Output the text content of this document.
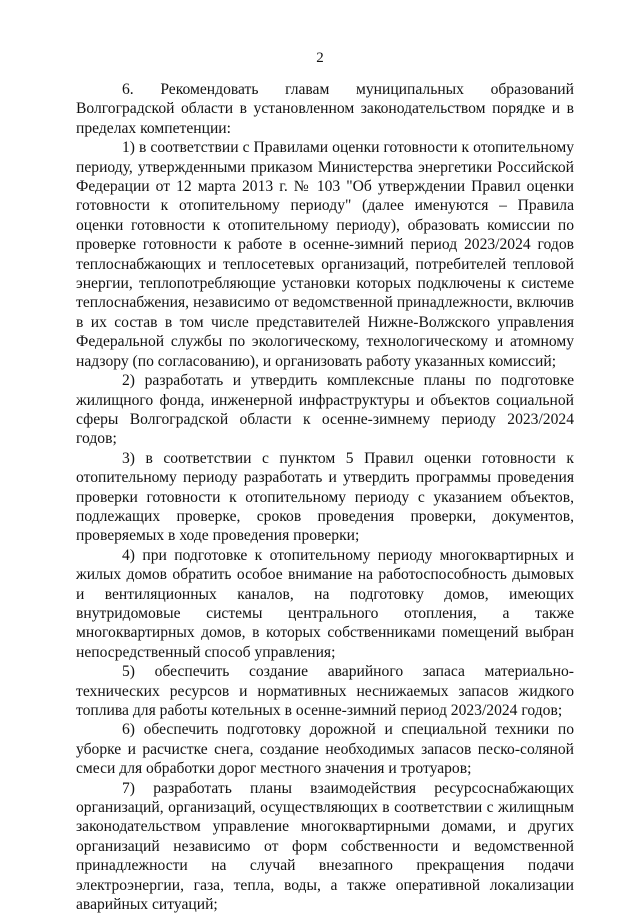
2

6. Рекомендовать главам муниципальных образований Волгоградской области в установленном законодательством порядке и в пределах компетенции:

1) в соответствии с Правилами оценки готовности к отопительному периоду, утвержденными приказом Министерства энергетики Российской Федерации от 12 марта 2013 г. № 103 "Об утверждении Правил оценки готовности к отопительному периоду" (далее именуются – Правила оценки готовности к отопительному периоду), образовать комиссии по проверке готовности к работе в осенне-зимний период 2023/2024 годов теплоснабжающих и теплосетевых организаций, потребителей тепловой энергии, теплопотребляющие установки которых подключены к системе теплоснабжения, независимо от ведомственной принадлежности, включив в их состав в том числе представителей Нижне-Волжского управления Федеральной службы по экологическому, технологическому и атомному надзору (по согласованию), и организовать работу указанных комиссий;

2) разработать и утвердить комплексные планы по подготовке жилищного фонда, инженерной инфраструктуры и объектов социальной сферы Волгоградской области к осенне-зимнему периоду 2023/2024 годов;

3) в соответствии с пунктом 5 Правил оценки готовности к отопительному периоду разработать и утвердить программы проведения проверки готовности к отопительному периоду с указанием объектов, подлежащих проверке, сроков проведения проверки, документов, проверяемых в ходе проведения проверки;

4) при подготовке к отопительному периоду многоквартирных и жилых домов обратить особое внимание на работоспособность дымовых и вентиляционных каналов, на подготовку домов, имеющих внутридомовые системы центрального отопления, а также многоквартирных домов, в которых собственниками помещений выбран непосредственный способ управления;

5) обеспечить создание аварийного запаса материально-технических ресурсов и нормативных неснижаемых запасов жидкого топлива для работы котельных в осенне-зимний период 2023/2024 годов;

6) обеспечить подготовку дорожной и специальной техники по уборке и расчистке снега, создание необходимых запасов песко-соляной смеси для обработки дорог местного значения и тротуаров;

7) разработать планы взаимодействия ресурсоснабжающих организаций, организаций, осуществляющих в соответствии с жилищным законодательством управление многоквартирными домами, и других организаций независимо от форм собственности и ведомственной принадлежности на случай внезапного прекращения подачи электроэнергии, газа, тепла, воды, а также оперативной локализации аварийных ситуаций;
